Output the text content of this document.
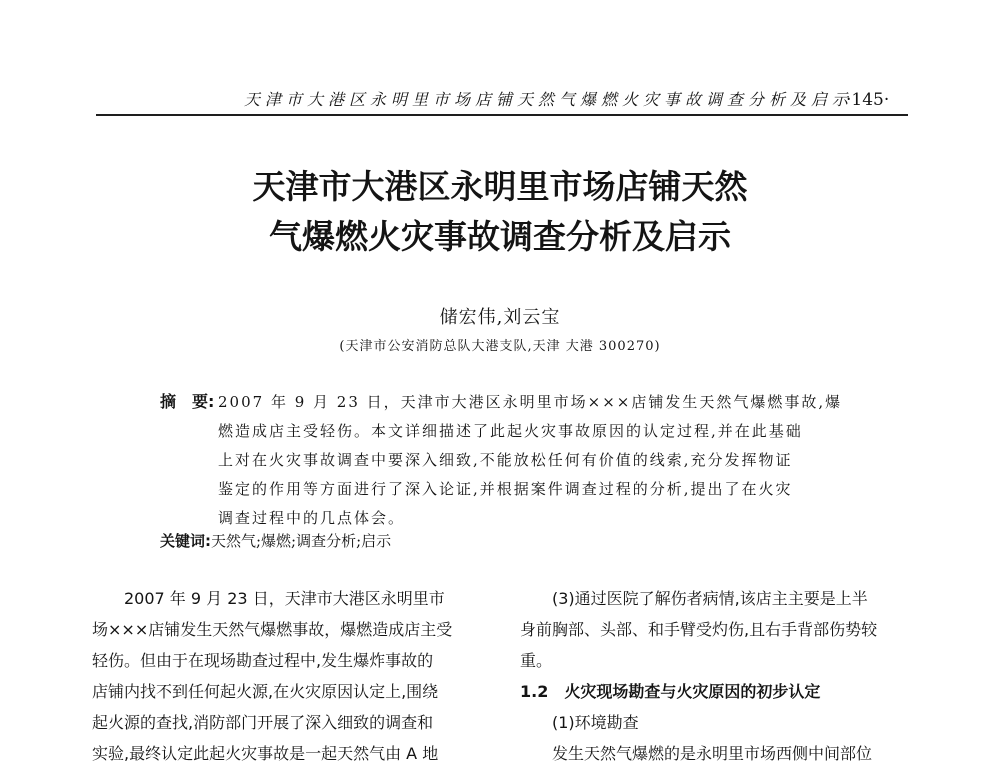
天津市大港区永明里市场店铺天然气爆燃火灾事故调查分析及启示
·145·
天津市大港区永明里市场店铺天然
气爆燃火灾事故调查分析及启示
储宏伟,刘云宝
(天津市公安消防总队大港支队,天津 大港 300270)
摘　要: 2007 年 9 月 23 日，天津市大港区永明里市场×××店铺发生天然气爆燃事故,爆
燃造成店主受轻伤。本文详细描述了此起火灾事故原因的认定过程,并在此基础
上对在火灾事故调查中要深入细致,不能放松任何有价值的线索,充分发挥物证
鉴定的作用等方面进行了深入论证,并根据案件调查过程的分析,提出了在火灾
调查过程中的几点体会。
关键词:天然气;爆燃;调查分析;启示
　　2007 年 9 月 23 日，天津市大港区永明里市
场×××店铺发生天然气爆燃事故，爆燃造成店主受
轻伤。但由于在现场勘查过程中,发生爆炸事故的
店铺内找不到任何起火源,在火灾原因认定上,围绕
起火源的查找,消防部门开展了深入细致的调查和
实验,最终认定此起火灾事故是一起天然气由 A 地
　　(3)通过医院了解伤者病情,该店主主要是上半
身前胸部、头部、和手臂受灼伤,且右手背部伤势较
重。
1.2　火灾现场勘查与火灾原因的初步认定
　　(1)环境勘查
　　发生天然气爆燃的是永明里市场西侧中间部位
